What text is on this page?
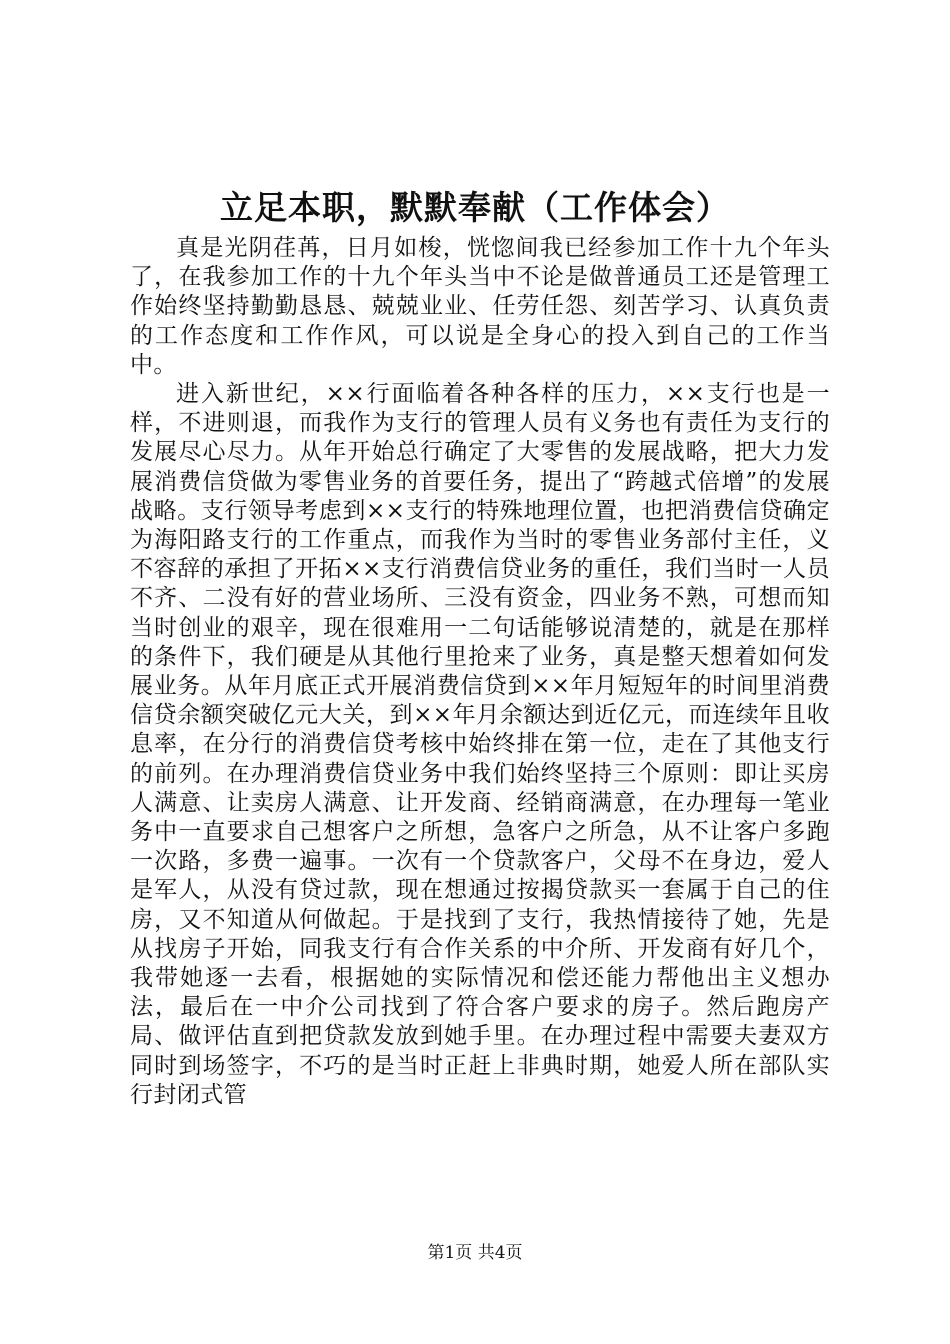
立足本职，默默奉献（工作体会）

真是光阴荏苒，日月如梭，恍惚间我已经参加工作十九个年头了，在我参加工作的十九个年头当中不论是做普通员工还是管理工作始终坚持勤勤恳恳、兢兢业业、任劳任怨、刻苦学习、认真负责的工作态度和工作作风，可以说是全身心的投入到自己的工作当中。

进入新世纪，××行面临着各种各样的压力，××支行也是一样，不进则退，而我作为支行的管理人员有义务也有责任为支行的发展尽心尽力。从年开始总行确定了大零售的发展战略，把大力发展消费信贷做为零售业务的首要任务，提出了“跨越式倍增”的发展战略。支行领导考虑到××支行的特殊地理位置，也把消费信贷确定为海阳路支行的工作重点，而我作为当时的零售业务部付主任，义不容辞的承担了开拓××支行消费信贷业务的重任，我们当时一人员不齐、二没有好的营业场所、三没有资金，四业务不熟，可想而知当时创业的艰辛，现在很难用一二句话能够说清楚的，就是在那样的条件下，我们硬是从其他行里抢来了业务，真是整天想着如何发展业务。从年月底正式开展消费信贷到××年月短短年的时间里消费信贷余额突破亿元大关，到××年月余额达到近亿元，而连续年且收息率，在分行的消费信贷考核中始终排在第一位，走在了其他支行的前列。在办理消费信贷业务中我们始终坚持三个原则：即让买房人满意、让卖房人满意、让开发商、经销商满意，在办理每一笔业务中一直要求自己想客户之所想，急客户之所急，从不让客户多跑一次路，多费一遍事。一次有一个贷款客户，父母不在身边，爱人是军人，从没有贷过款，现在想通过按揭贷款买一套属于自己的住房，又不知道从何做起。于是找到了支行，我热情接待了她，先是从找房子开始，同我支行有合作关系的中介所、开发商有好几个，我带她逐一去看，根据她的实际情况和偿还能力帮他出主义想办法，最后在一中介公司找到了符合客户要求的房子。然后跑房产局、做评估直到把贷款发放到她手里。在办理过程中需要夫妻双方同时到场签字，不巧的是当时正赶上非典时期，她爱人所在部队实行封闭式管

第1页 共4页
